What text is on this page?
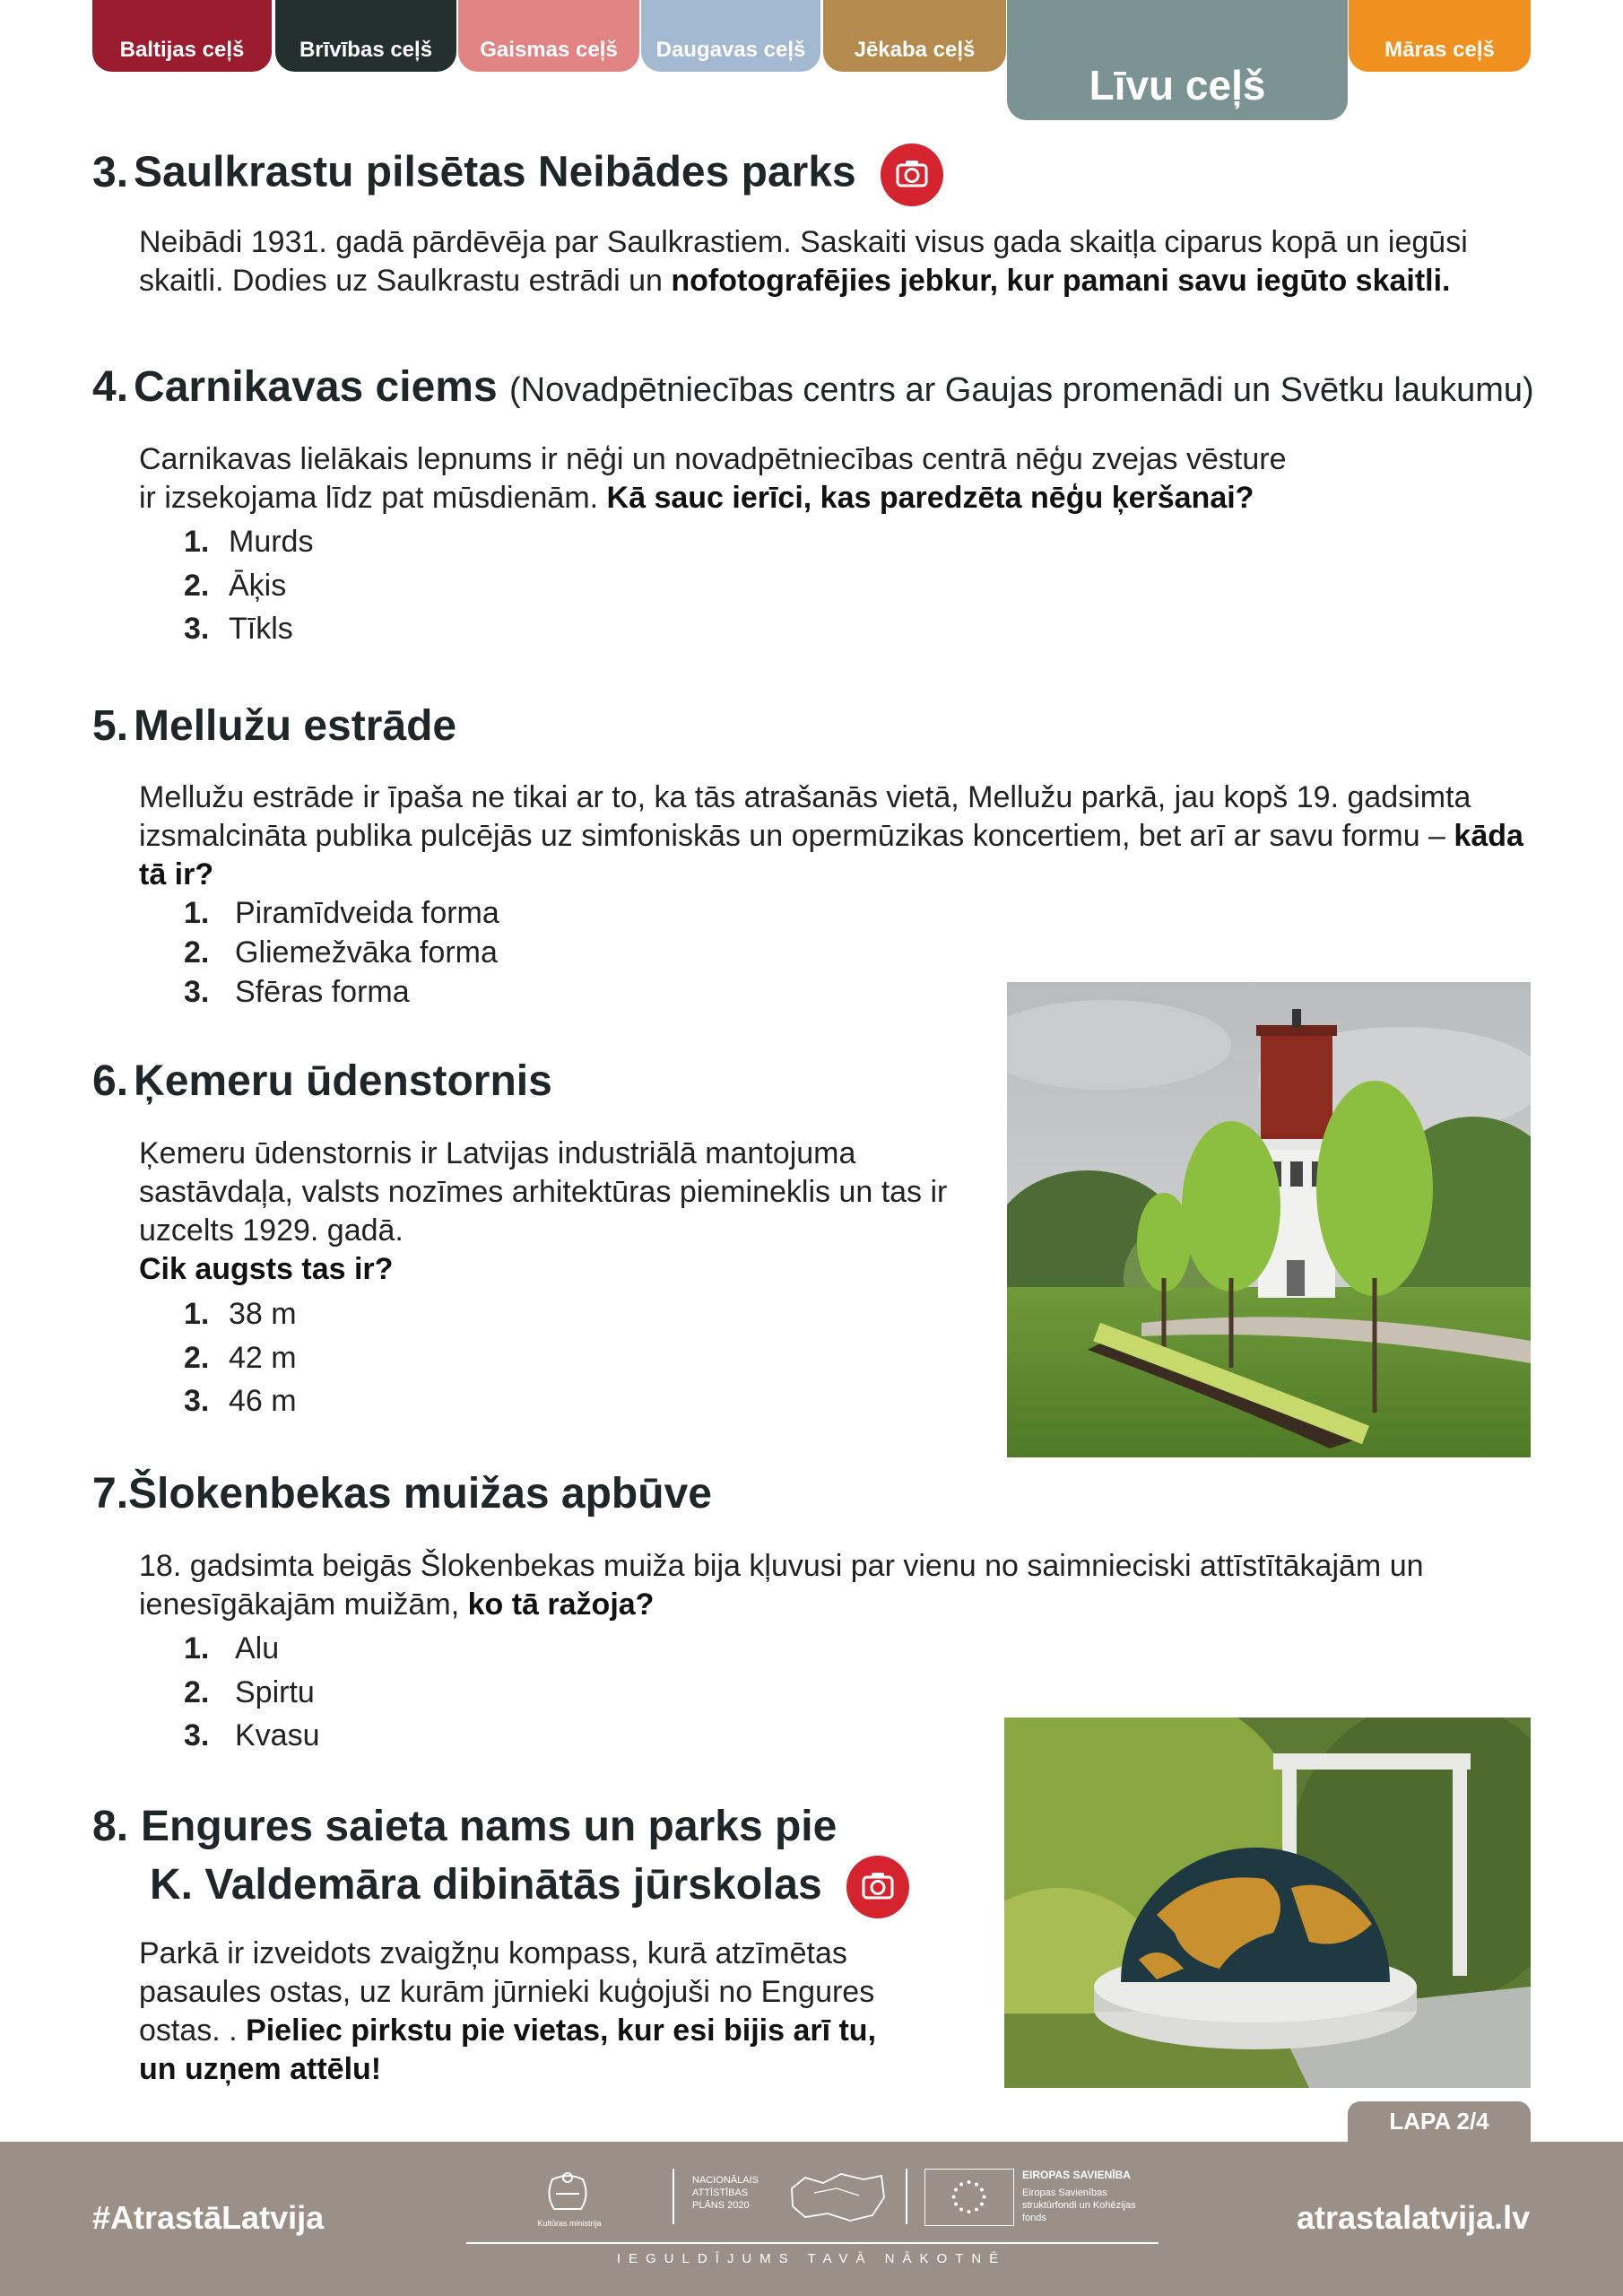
Baltijas ceļš	Brīvības ceļš Gaismas ceļš Daugavas ceļš Jēkaba ceļš
Līvu ceļš
Māras ceļš
3. Saulkrastu pilsētas Neibādes parks

Neibādi 1931. gadā pārdēvēja par Saulkrastiem. Saskaiti visus gada skaitļa ciparus kopā un iegūsi skaitli. Dodies uz Saulkrastu estrādi un nofotografējies jebkur, kur pamani savu iegūto skaitli.

4. Carnikavas ciems (Novadpētniecības centrs ar Gaujas promenādi un Svētku laukumu)

Carnikavas lielākais lepnums ir nēģi un novadpētniecības centrā nēģu zvejas vēsture
ir izsekojama līdz pat mūsdienām. Kā sauc ierīci, kas paredzēta nēģu ķeršanai?

1. Murds
2. Āķis
3. Tīkls
5. Mellužu estrāde

Mellužu estrāde ir īpaša ne tikai ar to, ka tās atrašanās vietā, Mellužu parkā, jau kopš 19. gadsimta izsmalcināta publika pulcējās uz simfoniskās un opermūzikas koncertiem, bet arī ar savu formu – kāda tā ir?

1. Piramīdveida forma
2. Gliemežvāka forma
3. Sfēras forma
6. Ķemeru ūdenstornis

Ķemeru ūdenstornis ir Latvijas industriālā mantojuma sastāvdaļa, valsts nozīmes arhitektūras piemineklis un tas ir uzcelts 1929. gadā.
Cik augsts tas ir?

1. 38 m
2. 42 m
3. 46 m
7.Šlokenbekas muižas apbūve

18. gadsimta beigās Šlokenbekas muiža bija kļuvusi par vienu no saimnieciski attīstītākajām un ienesīgākajām muižām, ko tā ražoja?

1. Alu
2. Spirtu
3. Kvasu
8. Engures saieta nams un parks pie
K. Valdemāra dibinātās jūrskolas

Parkā ir izveidots zvaigžņu kompass, kurā atzīmētas pasaules ostas, uz kurām jūrnieki kuģojuši no Engures ostas. . Pieliec pirkstu pie vietas, kur esi bijis arī tu, un uzņem attēlu!

LAPA 2/4
#AtrastāLatvija	atrastalatvija.lv
Kultūras ministrija
NACIONĀLAIS ATTĪSTĪBAS PLĀNS 2020
EIROPAS SAVIENĪBA
Eiropas Savienības struktūrfondi un Kohēzijas fonds
IEGULDĪJUMS TAVĀ NĀKOTNĒ
